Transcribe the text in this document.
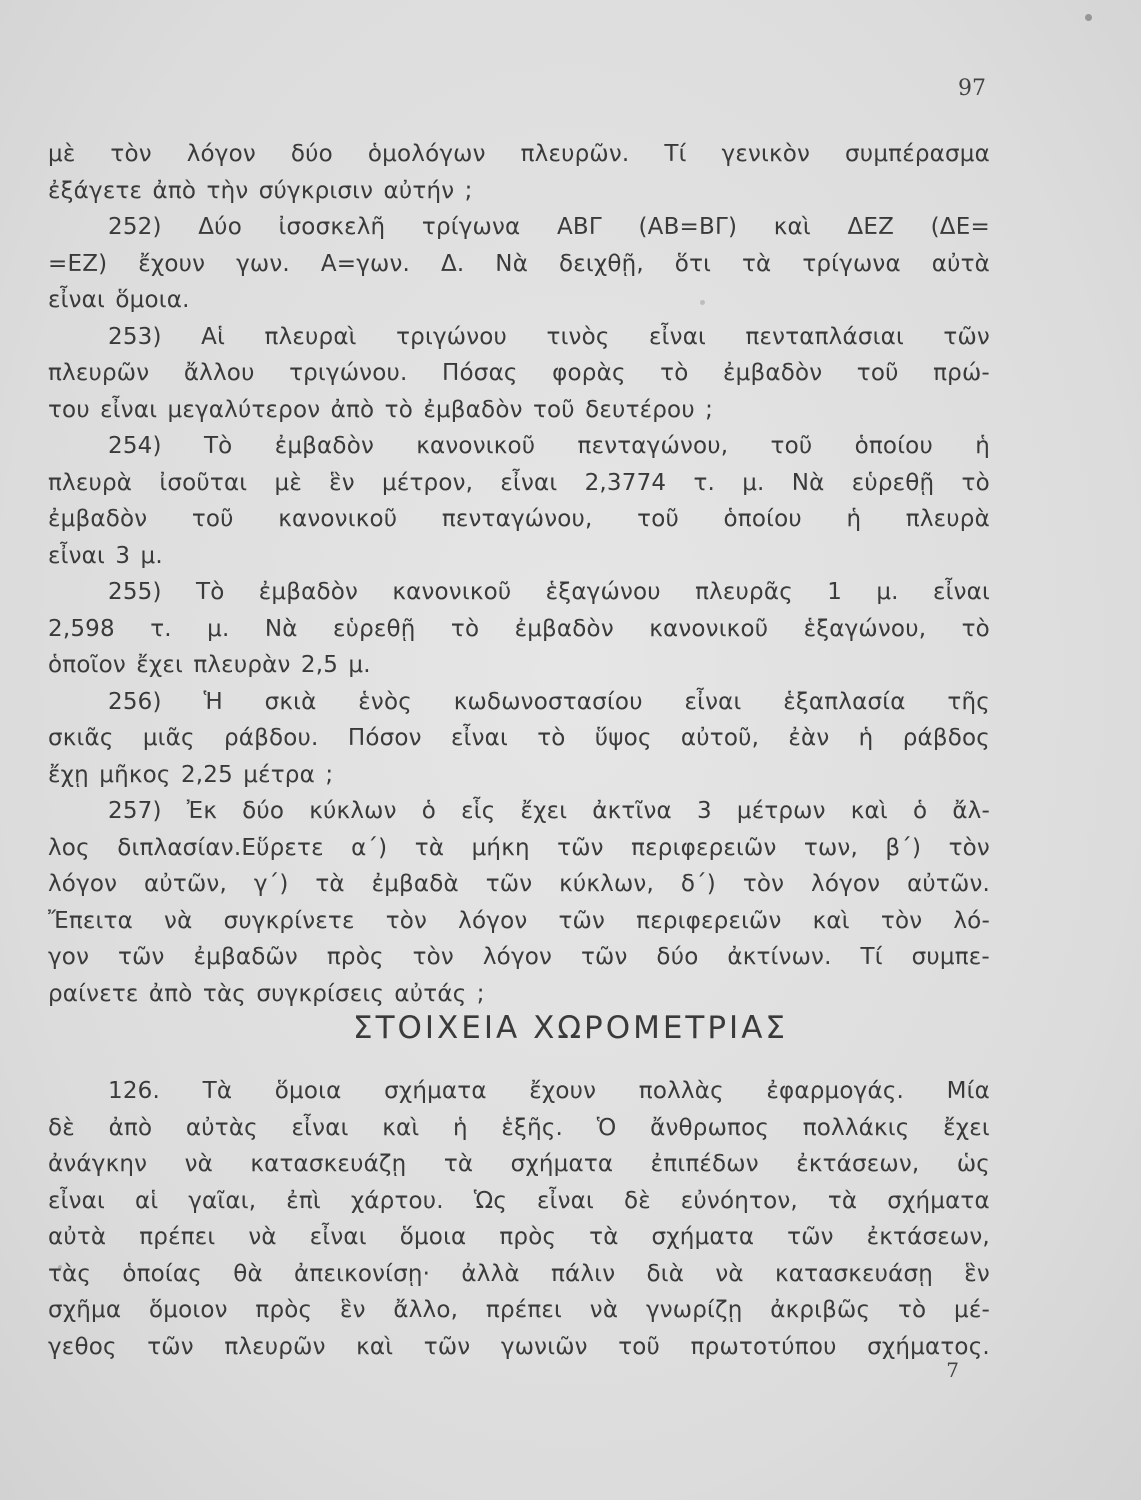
97
μὲ τὸν λόγον δύο ὁμολόγων πλευρῶν. Τί γενικὸν συμπέρασμα
ἐξάγετε ἀπὸ τὴν σύγκρισιν αὐτήν ;
252) Δύο ἰσοσκελῆ τρίγωνα ΑΒΓ (ΑΒ=ΒΓ) καὶ ΔΕΖ (ΔΕ=
=ΕΖ) ἔχουν γων. Α=γων. Δ. Νὰ δειχθῇ, ὅτι τὰ τρίγωνα αὐτὰ
εἶναι ὅμοια.
253) Αἱ πλευραὶ τριγώνου τινὸς εἶναι πενταπλάσιαι τῶν
πλευρῶν ἄλλου τριγώνου. Πόσας φορὰς τὸ ἐμβαδὸν τοῦ πρώ-
του εἶναι μεγαλύτερον ἀπὸ τὸ ἐμβαδὸν τοῦ δευτέρου ;
254) Τὸ ἐμβαδὸν κανονικοῦ πενταγώνου, τοῦ ὁποίου ἡ
πλευρὰ ἰσοῦται μὲ ἓν μέτρον, εἶναι 2,3774 τ. μ. Νὰ εὑρεθῇ τὸ
ἐμβαδὸν τοῦ κανονικοῦ πενταγώνου, τοῦ ὁποίου ἡ πλευρὰ
εἶναι 3 μ.
255) Τὸ ἐμβαδὸν κανονικοῦ ἑξαγώνου πλευρᾶς 1 μ. εἶναι
2,598 τ. μ. Νὰ εὑρεθῇ τὸ ἐμβαδὸν κανονικοῦ ἑξαγώνου, τὸ
ὁποῖον ἔχει πλευρὰν 2,5 μ.
256) Ἡ σκιὰ ἑνὸς κωδωνοστασίου εἶναι ἑξαπλασία τῆς
σκιᾶς μιᾶς ράβδου. Πόσον εἶναι τὸ ὕψος αὐτοῦ, ἐὰν ἡ ράβδος
ἔχῃ μῆκος 2,25 μέτρα ;
257) Ἐκ δύο κύκλων ὁ εἷς ἔχει ἀκτῖνα 3 μέτρων καὶ ὁ ἄλ-
λος διπλασίαν.Εὕρετε α΄) τὰ μήκη τῶν περιφερειῶν των, β΄) τὸν
λόγον αὐτῶν, γ΄) τὰ ἐμβαδὰ τῶν κύκλων, δ΄) τὸν λόγον αὐτῶν.
Ἔπειτα νὰ συγκρίνετε τὸν λόγον τῶν περιφερειῶν καὶ τὸν λό-
γον τῶν ἐμβαδῶν πρὸς τὸν λόγον τῶν δύο ἀκτίνων. Τί συμπε-
ραίνετε ἀπὸ τὰς συγκρίσεις αὐτάς ;
ΣΤΟΙΧΕΙΑ ΧΩΡΟΜΕΤΡΙΑΣ
126. Τὰ ὅμοια σχήματα ἔχουν πολλὰς ἐφαρμογάς. Μία
δὲ ἀπὸ αὐτὰς εἶναι καὶ ἡ ἑξῆς. Ὁ ἄνθρωπος πολλάκις ἔχει
ἀνάγκην νὰ κατασκευάζῃ τὰ σχήματα ἐπιπέδων ἐκτάσεων, ὡς
εἶναι αἱ γαῖαι, ἐπὶ χάρτου. Ὡς εἶναι δὲ εὐνόητον, τὰ σχήματα
αὐτὰ πρέπει νὰ εἶναι ὅμοια πρὸς τὰ σχήματα τῶν ἐκτάσεων,
τὰς ὁποίας θὰ ἀπεικονίσῃ· ἀλλὰ πάλιν διὰ νὰ κατασκευάσῃ ἓν
σχῆμα ὅμοιον πρὸς ἓν ἄλλο, πρέπει νὰ γνωρίζῃ ἀκριβῶς τὸ μέ-
γεθος τῶν πλευρῶν καὶ τῶν γωνιῶν τοῦ πρωτοτύπου σχήματος.
7
